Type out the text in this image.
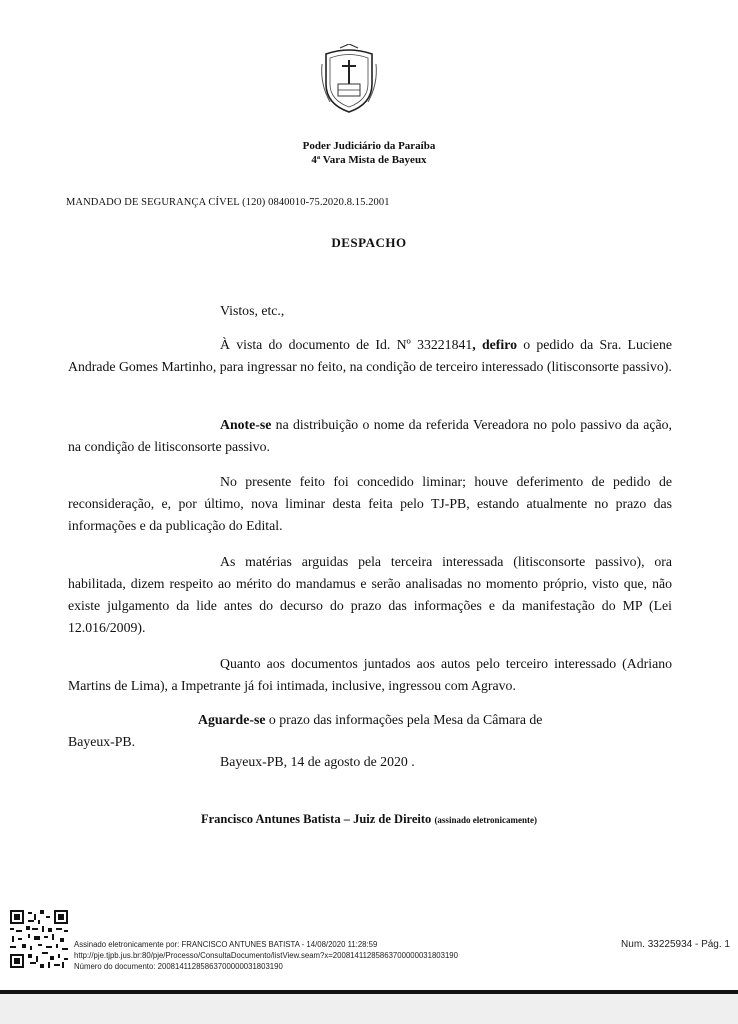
Poder Judiciário da Paraíba
4ª Vara Mista de Bayeux
MANDADO DE SEGURANÇA CÍVEL (120) 0840010-75.2020.8.15.2001
DESPACHO
Vistos, etc.,
À vista do documento de Id. Nº 33221841, defiro o pedido da Sra. Luciene Andrade Gomes Martinho, para ingressar no feito, na condição de terceiro interessado (litisconsorte passivo).
Anote-se na distribuição o nome da referida Vereadora no polo passivo da ação, na condição de litisconsorte passivo.
No presente feito foi concedido liminar; houve deferimento de pedido de reconsideração, e, por último, nova liminar desta feita pelo TJ-PB, estando atualmente no prazo das informações e da publicação do Edital.
As matérias arguidas pela terceira interessada (litisconsorte passivo), ora habilitada, dizem respeito ao mérito do mandamus e serão analisadas no momento próprio, visto que, não existe julgamento da lide antes do decurso do prazo das informações e da manifestação do MP (Lei 12.016/2009).
Quanto aos documentos juntados aos autos pelo terceiro interessado (Adriano Martins de Lima), a Impetrante já foi intimada, inclusive, ingressou com Agravo.
Aguarde-se o prazo das informações pela Mesa da Câmara de
Bayeux-PB.
Bayeux-PB, 14 de agosto de 2020 .
Francisco Antunes Batista – Juiz de Direito (assinado eletronicamente)
Assinado eletronicamente por: FRANCISCO ANTUNES BATISTA - 14/08/2020 11:28:59
http://pje.tjpb.jus.br:80/pje/Processo/ConsultaDocumento/listView.seam?x=20081411285863700000031803190
Número do documento: 20081411285863700000031803190
Num. 33225934 - Pág. 1
